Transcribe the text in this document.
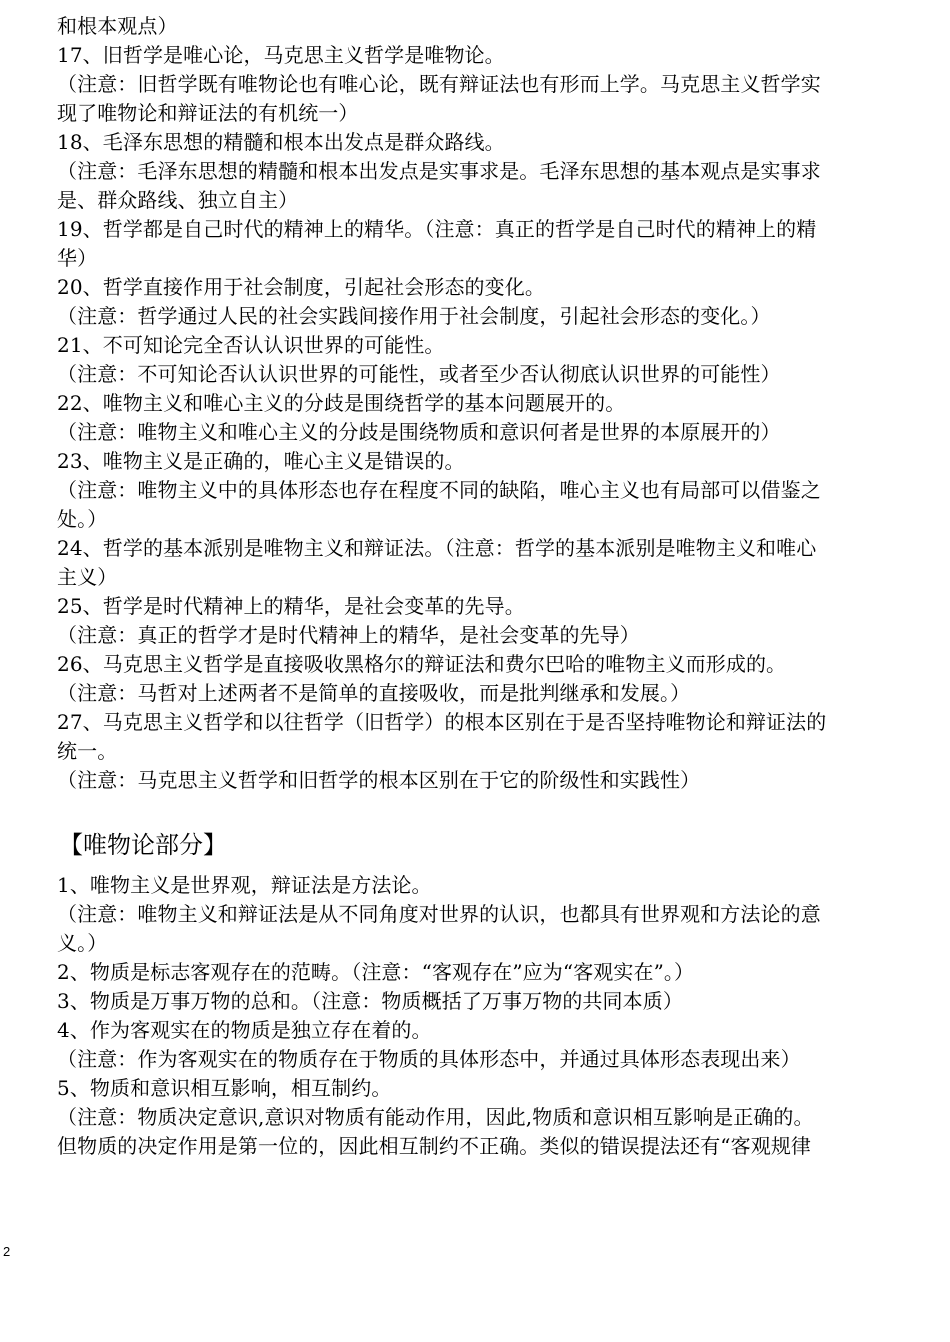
和根本观点）
17、旧哲学是唯心论，马克思主义哲学是唯物论。
（注意：旧哲学既有唯物论也有唯心论，既有辩证法也有形而上学。马克思主义哲学实
现了唯物论和辩证法的有机统一）
18、毛泽东思想的精髓和根本出发点是群众路线。
（注意：毛泽东思想的精髓和根本出发点是实事求是。毛泽东思想的基本观点是实事求
是、群众路线、独立自主）
19、哲学都是自己时代的精神上的精华。（注意：真正的哲学是自己时代的精神上的精
华）
20、哲学直接作用于社会制度，引起社会形态的变化。
（注意：哲学通过人民的社会实践间接作用于社会制度，引起社会形态的变化。）
21、不可知论完全否认认识世界的可能性。
（注意：不可知论否认认识世界的可能性，或者至少否认彻底认识世界的可能性）
22、唯物主义和唯心主义的分歧是围绕哲学的基本问题展开的。
（注意：唯物主义和唯心主义的分歧是围绕物质和意识何者是世界的本原展开的）
23、唯物主义是正确的，唯心主义是错误的。
（注意：唯物主义中的具体形态也存在程度不同的缺陷，唯心主义也有局部可以借鉴之
处。）
24、哲学的基本派别是唯物主义和辩证法。（注意：哲学的基本派别是唯物主义和唯心
主义）
25、哲学是时代精神上的精华，是社会变革的先导。
（注意：真正的哲学才是时代精神上的精华，是社会变革的先导）
26、马克思主义哲学是直接吸收黑格尔的辩证法和费尔巴哈的唯物主义而形成的。
（注意：马哲对上述两者不是简单的直接吸收，而是批判继承和发展。）
27、马克思主义哲学和以往哲学（旧哲学）的根本区别在于是否坚持唯物论和辩证法的
统一。
（注意：马克思主义哲学和旧哲学的根本区别在于它的阶级性和实践性）
【唯物论部分】
1、唯物主义是世界观，辩证法是方法论。
（注意：唯物主义和辩证法是从不同角度对世界的认识，也都具有世界观和方法论的意
义。）
2、物质是标志客观存在的范畴。（注意：“客观存在”应为“客观实在”。）
3、物质是万事万物的总和。（注意：物质概括了万事万物的共同本质）
4、作为客观实在的物质是独立存在着的。
（注意：作为客观实在的物质存在于物质的具体形态中，并通过具体形态表现出来）
5、物质和意识相互影响，相互制约。
（注意：物质决定意识,意识对物质有能动作用，因此,物质和意识相互影响是正确的。
但物质的决定作用是第一位的，因此相互制约不正确。类似的错误提法还有“客观规律
2
